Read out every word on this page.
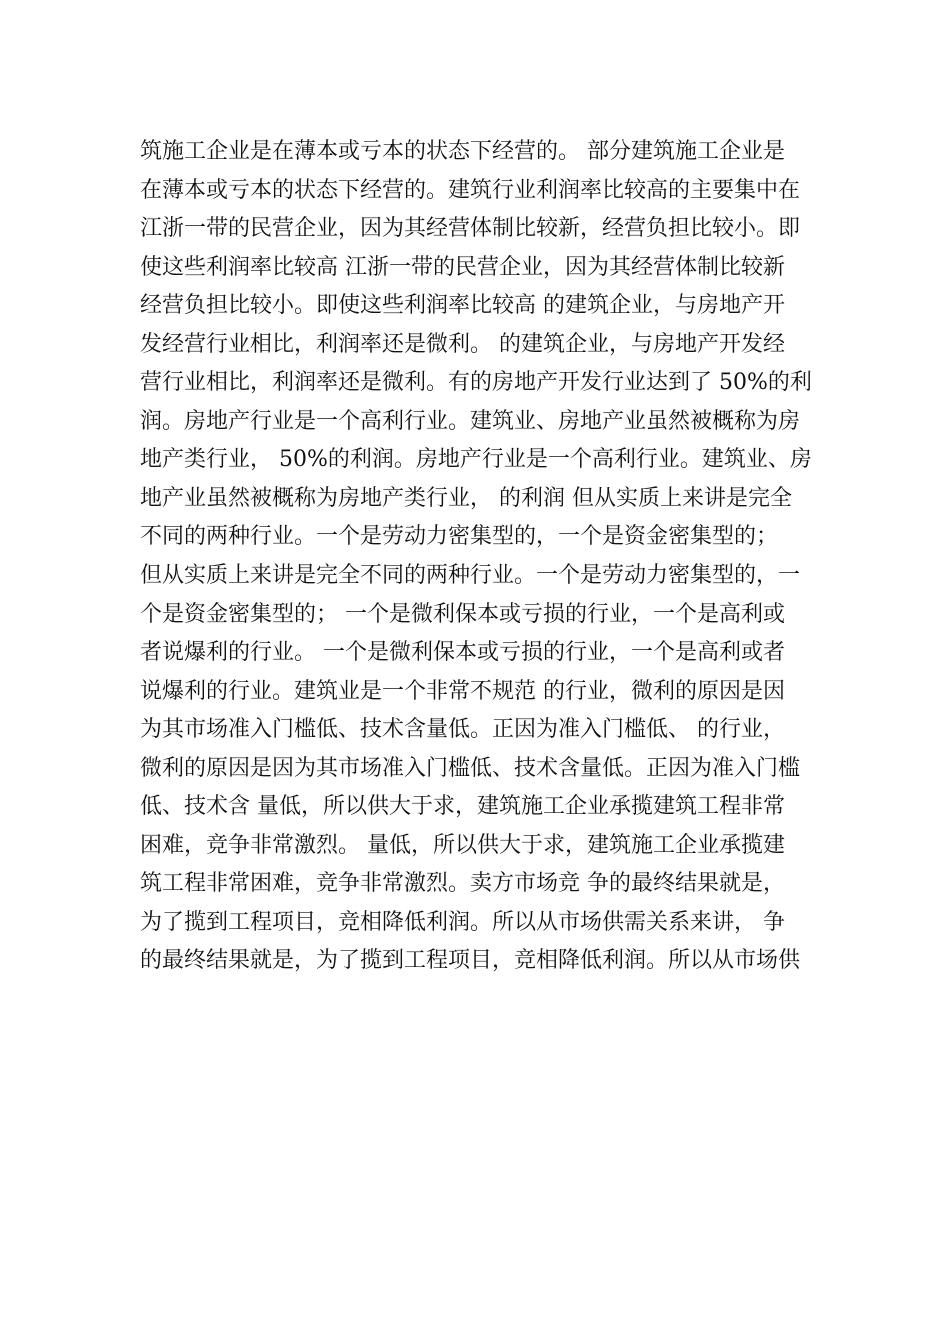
筑施工企业是在薄本或亏本的状态下经营的。 部分建筑施工企业是
在薄本或亏本的状态下经营的。建筑行业利润率比较高的主要集中在
江浙一带的民营企业，因为其经营体制比较新，经营负担比较小。即
使这些利润率比较高 江浙一带的民营企业，因为其经营体制比较新
经营负担比较小。即使这些利润率比较高 的建筑企业，与房地产开
发经营行业相比，利润率还是微利。 的建筑企业，与房地产开发经
营行业相比，利润率还是微利。有的房地产开发行业达到了 50%的利
润。房地产行业是一个高利行业。建筑业、房地产业虽然被概称为房
地产类行业， 50%的利润。房地产行业是一个高利行业。建筑业、房
地产业虽然被概称为房地产类行业， 的利润 但从实质上来讲是完全
不同的两种行业。一个是劳动力密集型的，一个是资金密集型的；
但从实质上来讲是完全不同的两种行业。一个是劳动力密集型的，一
个是资金密集型的； 一个是微利保本或亏损的行业，一个是高利或
者说爆利的行业。 一个是微利保本或亏损的行业，一个是高利或者
说爆利的行业。建筑业是一个非常不规范 的行业，微利的原因是因
为其市场准入门槛低、技术含量低。正因为准入门槛低、 的行业，
微利的原因是因为其市场准入门槛低、技术含量低。正因为准入门槛
低、技术含 量低，所以供大于求，建筑施工企业承揽建筑工程非常
困难，竞争非常激烈。 量低，所以供大于求，建筑施工企业承揽建
筑工程非常困难，竞争非常激烈。卖方市场竞 争的最终结果就是，
为了揽到工程项目，竞相降低利润。所以从市场供需关系来讲， 争
的最终结果就是，为了揽到工程项目，竞相降低利润。所以从市场供
